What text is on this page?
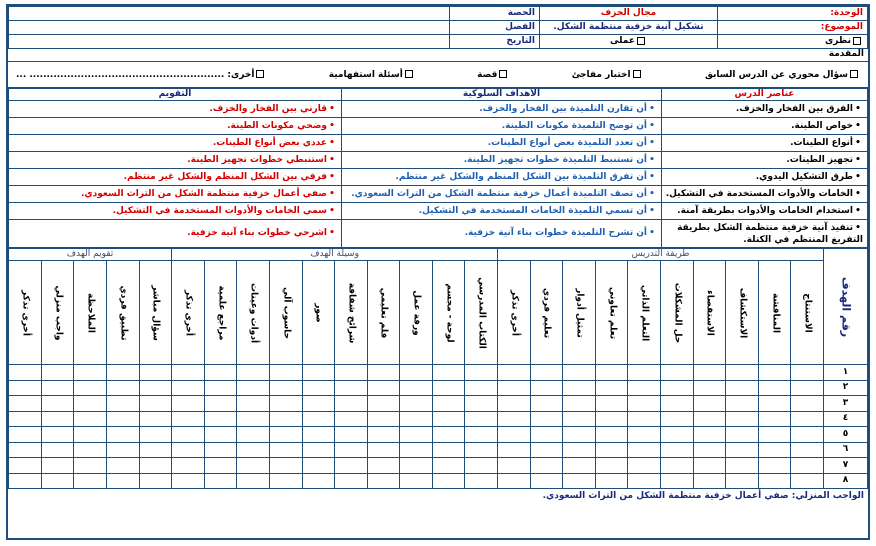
الوحدة:	مجال الخزف	الحصة	
الموضوع:	تشكيل آنية خزفية منتظمة الشكل.	الفصل	
نظرى	عملى	التاريخ	
المقدمة
سؤال محوري عن الدرس السابق
اختبار مفاجئ
قصة
أسئلة استفهامية
أخرى: ......................................................... ...
عناصر الدرس	الأهداف السلوكية	التقويم
• الفرق بين الفخار والخزف.	• أن تقارن التلميذة بين الفخار والخزف.	• قارني بين الفخار والخزف.
• خواص الطينة.	• أن توضح التلميذة مكونات الطينة.	• وضحي مكونات الطينة.
• أنواع الطينات.	• أن تعدد التلميذة بعض أنواع الطينات.	• عددي بعض أنواع الطينات.
• تجهيز الطينات.	• أن تستنبط التلميذة خطوات تجهيز الطينة.	• استنبطي خطوات تجهيز الطينة.
• طرق التشكيل اليدوي.	• أن تفرق التلميذة بين الشكل المنظم والشكل غير منتظم.	• فرقي بين الشكل المنظم والشكل غير منتظم.
• الخامات والأدوات المستخدمة في التشكيل.	• أن تصف التلميذة أعمال خزفية منتظمة الشكل من التراث السعودي.	• صفي أعمال خزفية منتظمة الشكل من التراث السعودي.
• استخدام الخامات والأدوات بطريقة آمنة.	• أن تسمي التلميذة الخامات المستخدمة في التشكيل.	• سمي الخامات والأدوات المستخدمة في التشكيل.
• تنفيذ آنية خزفية منتظمة الشكل بطريقة التفريغ المنتظم في الكتلة.	• أن تشرح التلميذة خطوات بناء آنية خزفية.	• اشرحي خطوات بناء آنية خزفية.
رقم الهدف	طريقة التدريس										وسيلة الهدف										تقويم الهدف				

	الاستنتاج	المناقشة	الاستكشاف	الاستقصاء	حل المشكلات	التعلم الذاتي	تعلم تعاوني	تمثيل أدوار	تعليم فردي	أخرى تذكر	الكتاب المدرسي	لوحة - مجسم	ورقة عمل	فلم تعليمي	شرائح شفافة	صور	حاسوب آلي	أدوات وعينات	مراجع علمية	أخرى تذكر	سؤال مباشر	تطبيق فردي	الملاحظة	واجب منزلي	أخرى تذكر

١																									
٢																									
٣																									
٤																									
٥																									
٦																									
٧																									
٨																									
الواجب المنزلي: صفي أعمال خزفية منتظمة الشكل من التراث السعودي.
